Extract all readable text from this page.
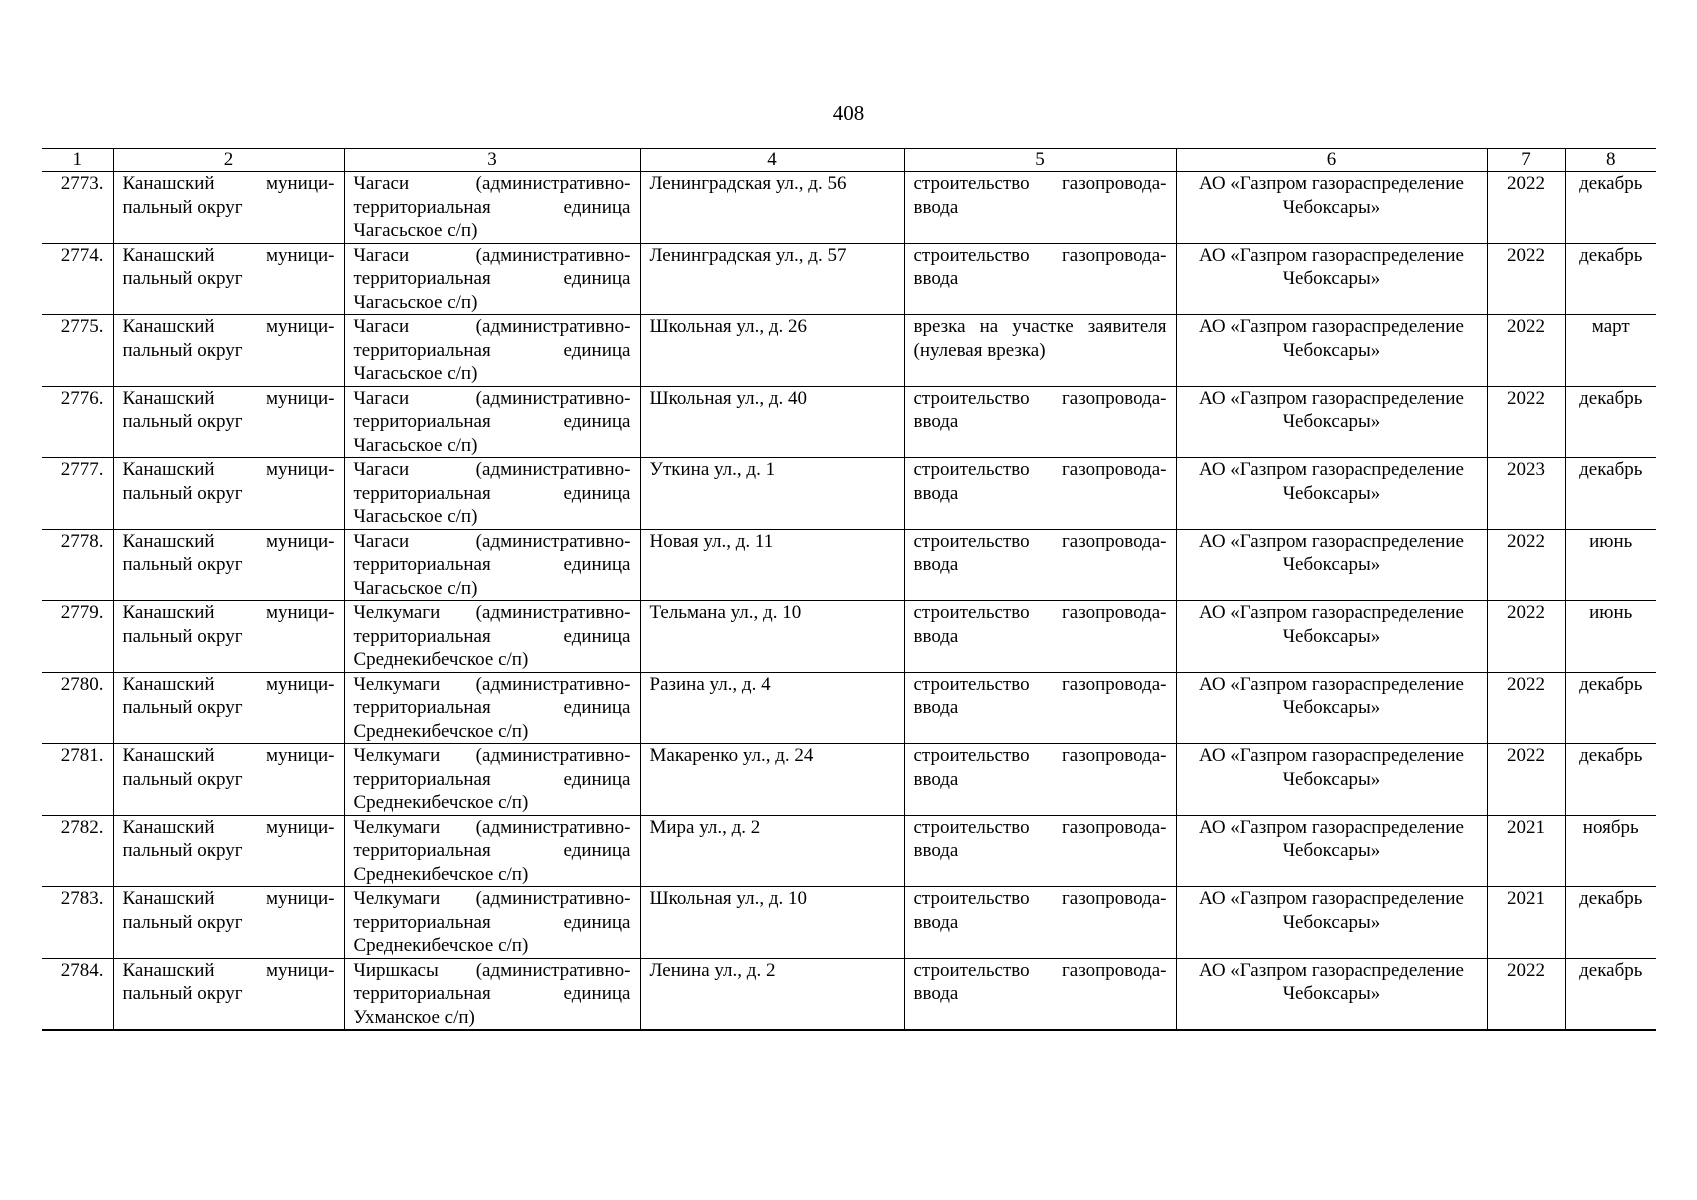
408
1	2	3	4	5	6	7	8
2773.	Канашский муници-пальный округ	Чагаси (административно-территориальная единица Чагасьское с/п)	Ленинградская ул., д. 56	строительство газопровода-ввода	АО «Газпром газораспределение Чебоксары»	2022	декабрь
2774.	Канашский муници-пальный округ	Чагаси (административно-территориальная единица Чагасьское с/п)	Ленинградская ул., д. 57	строительство газопровода-ввода	АО «Газпром газораспределение Чебоксары»	2022	декабрь
2775.	Канашский муници-пальный округ	Чагаси (административно-территориальная единица Чагасьское с/п)	Школьная ул., д. 26	врезка на участке заявителя (нулевая врезка)	АО «Газпром газораспределение Чебоксары»	2022	март
2776.	Канашский муници-пальный округ	Чагаси (административно-территориальная единица Чагасьское с/п)	Школьная ул., д. 40	строительство газопровода-ввода	АО «Газпром газораспределение Чебоксары»	2022	декабрь
2777.	Канашский муници-пальный округ	Чагаси (административно-территориальная единица Чагасьское с/п)	Уткина ул., д. 1	строительство газопровода-ввода	АО «Газпром газораспределение Чебоксары»	2023	декабрь
2778.	Канашский муници-пальный округ	Чагаси (административно-территориальная единица Чагасьское с/п)	Новая ул., д. 11	строительство газопровода-ввода	АО «Газпром газораспределение Чебоксары»	2022	июнь
2779.	Канашский муници-пальный округ	Челкумаги (административно-территориальная единица Среднекибечское с/п)	Тельмана ул., д. 10	строительство газопровода-ввода	АО «Газпром газораспределение Чебоксары»	2022	июнь
2780.	Канашский муници-пальный округ	Челкумаги (административно-территориальная единица Среднекибечское с/п)	Разина ул., д. 4	строительство газопровода-ввода	АО «Газпром газораспределение Чебоксары»	2022	декабрь
2781.	Канашский муници-пальный округ	Челкумаги (административно-территориальная единица Среднекибечское с/п)	Макаренко ул., д. 24	строительство газопровода-ввода	АО «Газпром газораспределение Чебоксары»	2022	декабрь
2782.	Канашский муници-пальный округ	Челкумаги (административно-территориальная единица Среднекибечское с/п)	Мира ул., д. 2	строительство газопровода-ввода	АО «Газпром газораспределение Чебоксары»	2021	ноябрь
2783.	Канашский муници-пальный округ	Челкумаги (административно-территориальная единица Среднекибечское с/п)	Школьная ул., д. 10	строительство газопровода-ввода	АО «Газпром газораспределение Чебоксары»	2021	декабрь
2784.	Канашский муници-пальный округ	Чиршкасы (административно-территориальная единица Ухманское с/п)	Ленина ул., д. 2	строительство газопровода-ввода	АО «Газпром газораспределение Чебоксары»	2022	декабрь
